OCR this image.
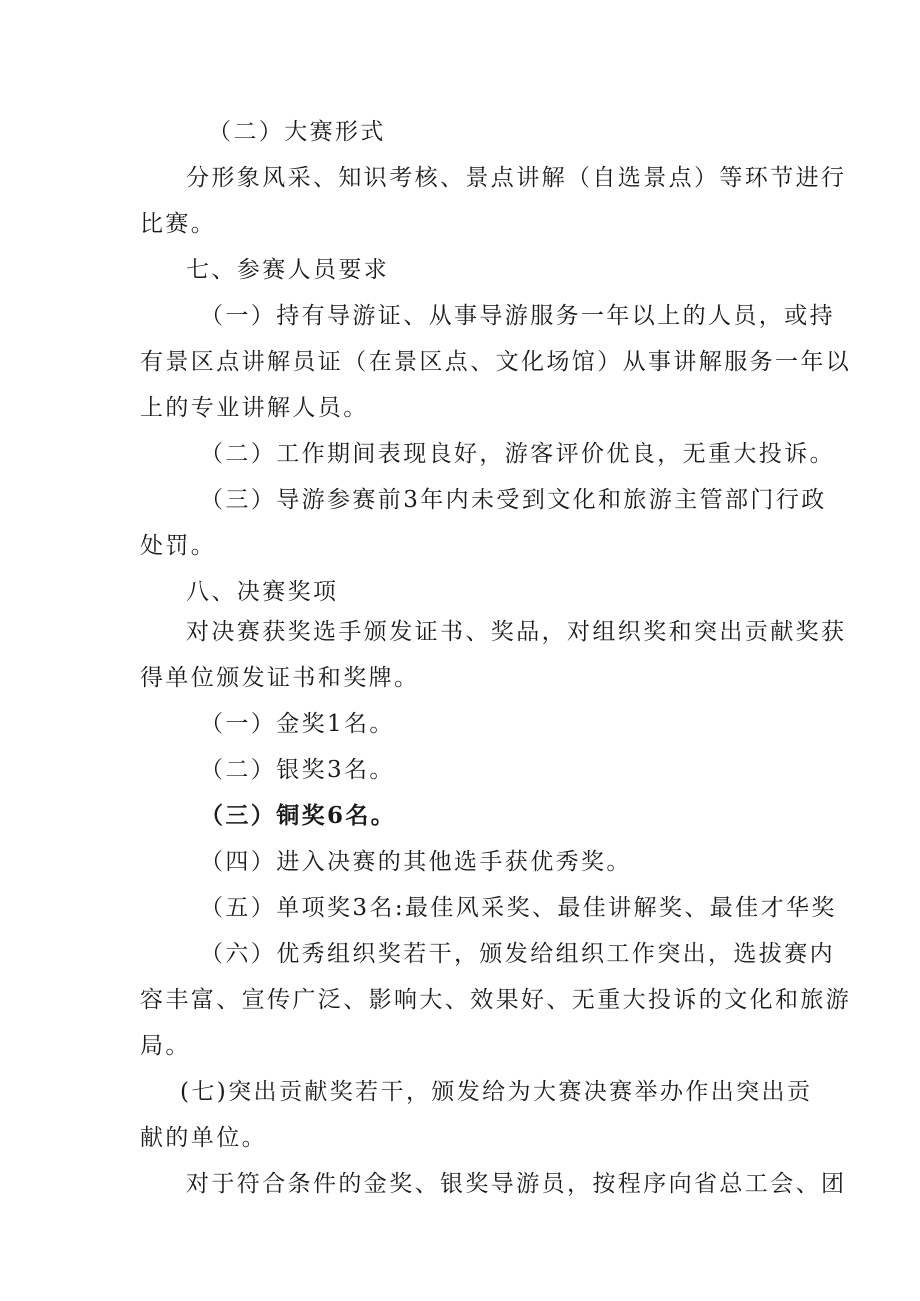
（二）大赛形式
分形象风采、知识考核、景点讲解（自选景点）等环节进行
比赛。
七、参赛人员要求
（一）持有导游证、从事导游服务一年以上的人员，或持
有景区点讲解员证（在景区点、文化场馆）从事讲解服务一年以
上的专业讲解人员。
（二）工作期间表现良好，游客评价优良，无重大投诉。
（三）导游参赛前3年内未受到文化和旅游主管部门行政
处罚。
八、决赛奖项
对决赛获奖选手颁发证书、奖品，对组织奖和突出贡献奖获
得单位颁发证书和奖牌。
（一）金奖1名。
（二）银奖3名。
（三）铜奖6名。
（四）进入决赛的其他选手获优秀奖。
（五）单项奖3名:最佳风采奖、最佳讲解奖、最佳才华奖
（六）优秀组织奖若干，颁发给组织工作突出，选拔赛内
容丰富、宣传广泛、影响大、效果好、无重大投诉的文化和旅游
局。
(七)突出贡献奖若干，颁发给为大赛决赛举办作出突出贡
献的单位。
对于符合条件的金奖、银奖导游员，按程序向省总工会、团
